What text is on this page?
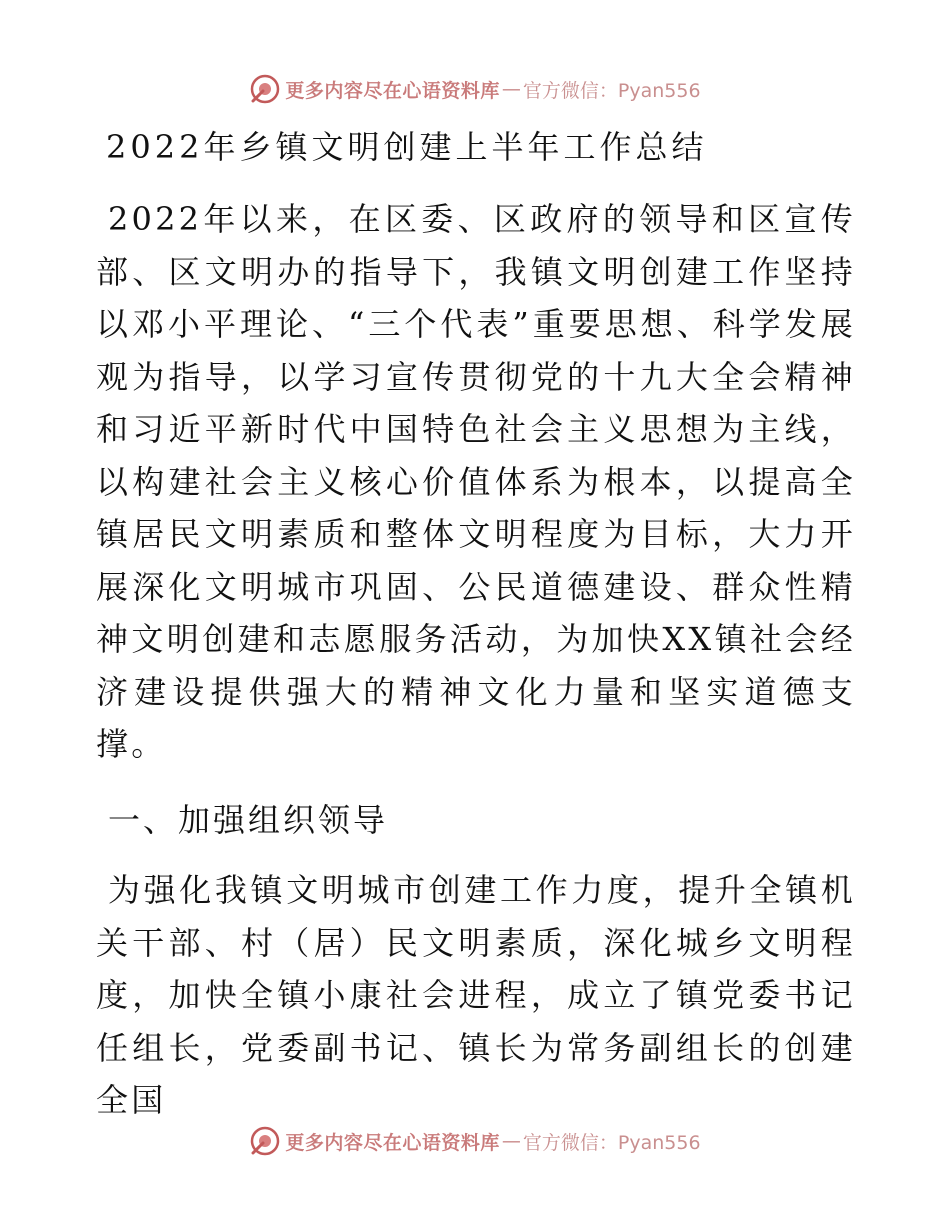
更多内容尽在心语资料库 — 官方微信：Pyan556
2022年乡镇文明创建上半年工作总结

2022年以来，在区委、区政府的领导和区宣传部、区文明办的指导下，我镇文明创建工作坚持以邓小平理论、“三个代表”重要思想、科学发展观为指导，以学习宣传贯彻党的十九大全会精神和习近平新时代中国特色社会主义思想为主线，以构建社会主义核心价值体系为根本，以提高全镇居民文明素质和整体文明程度为目标，大力开展深化文明城市巩固、公民道德建设、群众性精神文明创建和志愿服务活动，为加快XX镇社会经济建设提供强大的精神文化力量和坚实道德支撑。

一、加强组织领导

为强化我镇文明城市创建工作力度，提升全镇机关干部、村（居）民文明素质，深化城乡文明程度，加快全镇小康社会进程，成立了镇党委书记任组长，党委副书记、镇长为常务副组长的创建全国

更多内容尽在心语资料库 — 官方微信：Pyan556
